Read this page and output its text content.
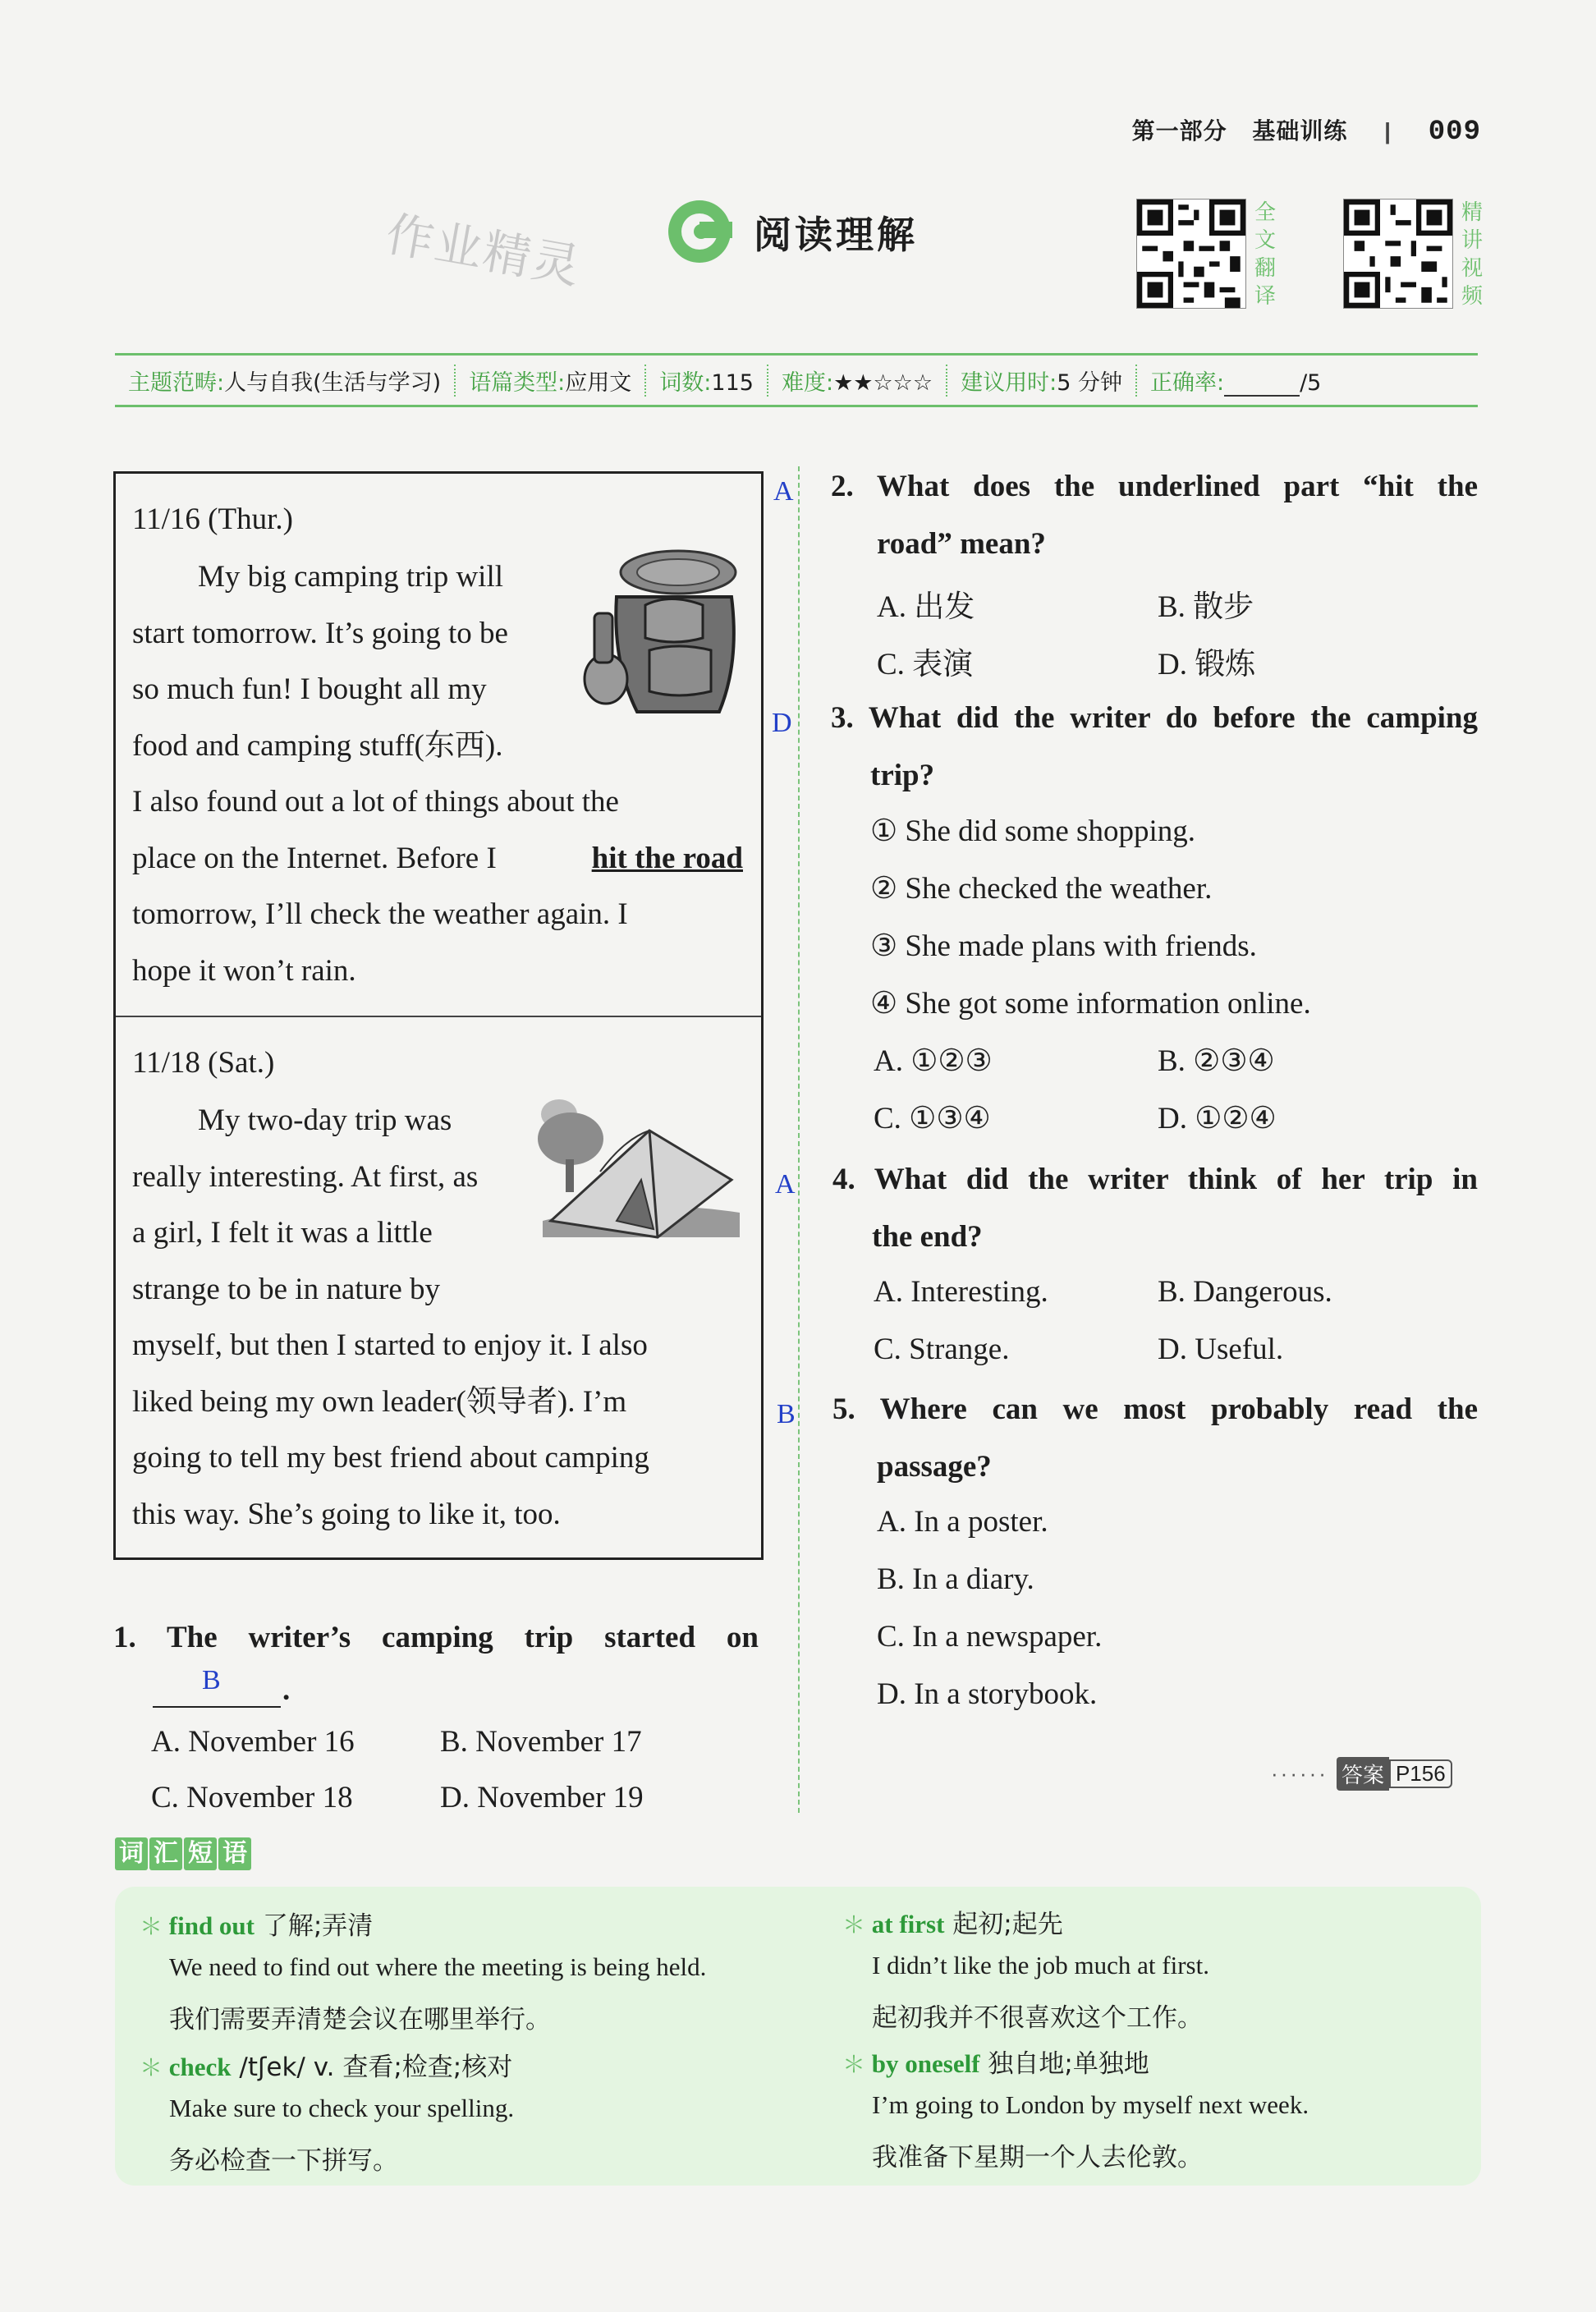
第一部分 基础训练 | 009
作业精灵	阅读理解	全
文
翻
译
精
讲
视
频
主题范畴:人与自我(生活与学习)	语篇类型:应用文	词数:115	难度:★★☆☆☆	建议用时:5 分钟	正确率:	/5
11/16 (Thur.)
My big camping trip will
start tomorrow. It’s going to be
so much fun! I bought all my
food and camping stuff(东西).
I also found out a lot of things about the
place on the Internet. Before I	hit the road
tomorrow, I’ll check the weather again. I
hope it won’t rain.
11/18 (Sat.)
My two-day trip was
really interesting. At first, as
a girl, I felt it was a little
strange to be in nature by
myself, but then I started to enjoy it. I also
liked being my own leader(领导者). I’m
going to tell my best friend about camping
this way. She’s going to like it, too.
1. The writer’s camping trip started on
B .
A. November 16	B. November 17
C. November 18	D. November 19
A 2. What does the underlined part “hit the
road” mean?
A. 出发	B. 散步
C. 表演	D. 锻炼
D 3. What did the writer do before the camping
trip?
① She did some shopping.
② She checked the weather.
③ She made plans with friends.
④ She got some information online.
A. ①②③	B. ②③④
C. ①③④	D. ①②④
A 4. What did the writer think of her trip in
the end?
A. Interesting.	B. Dangerous.
C. Strange.	D. Useful.
B 5. Where can we most probably read the
passage?
A. In a poster.
B. In a diary.
C. In a newspaper.
D. In a storybook.
······ 答案 P156
词 汇 短 语
＊ find out 了解;弄清
We need to find out where the meeting is being held.
我们需要弄清楚会议在哪里举行。
＊ check /tʃek/ v. 查看;检查;核对
Make sure to check your spelling.
务必检查一下拼写。
＊ at first 起初;起先
I didn’t like the job much at first.
起初我并不很喜欢这个工作。
＊ by oneself 独自地;单独地
I’m going to London by myself next week.
我准备下星期一个人去伦敦。
